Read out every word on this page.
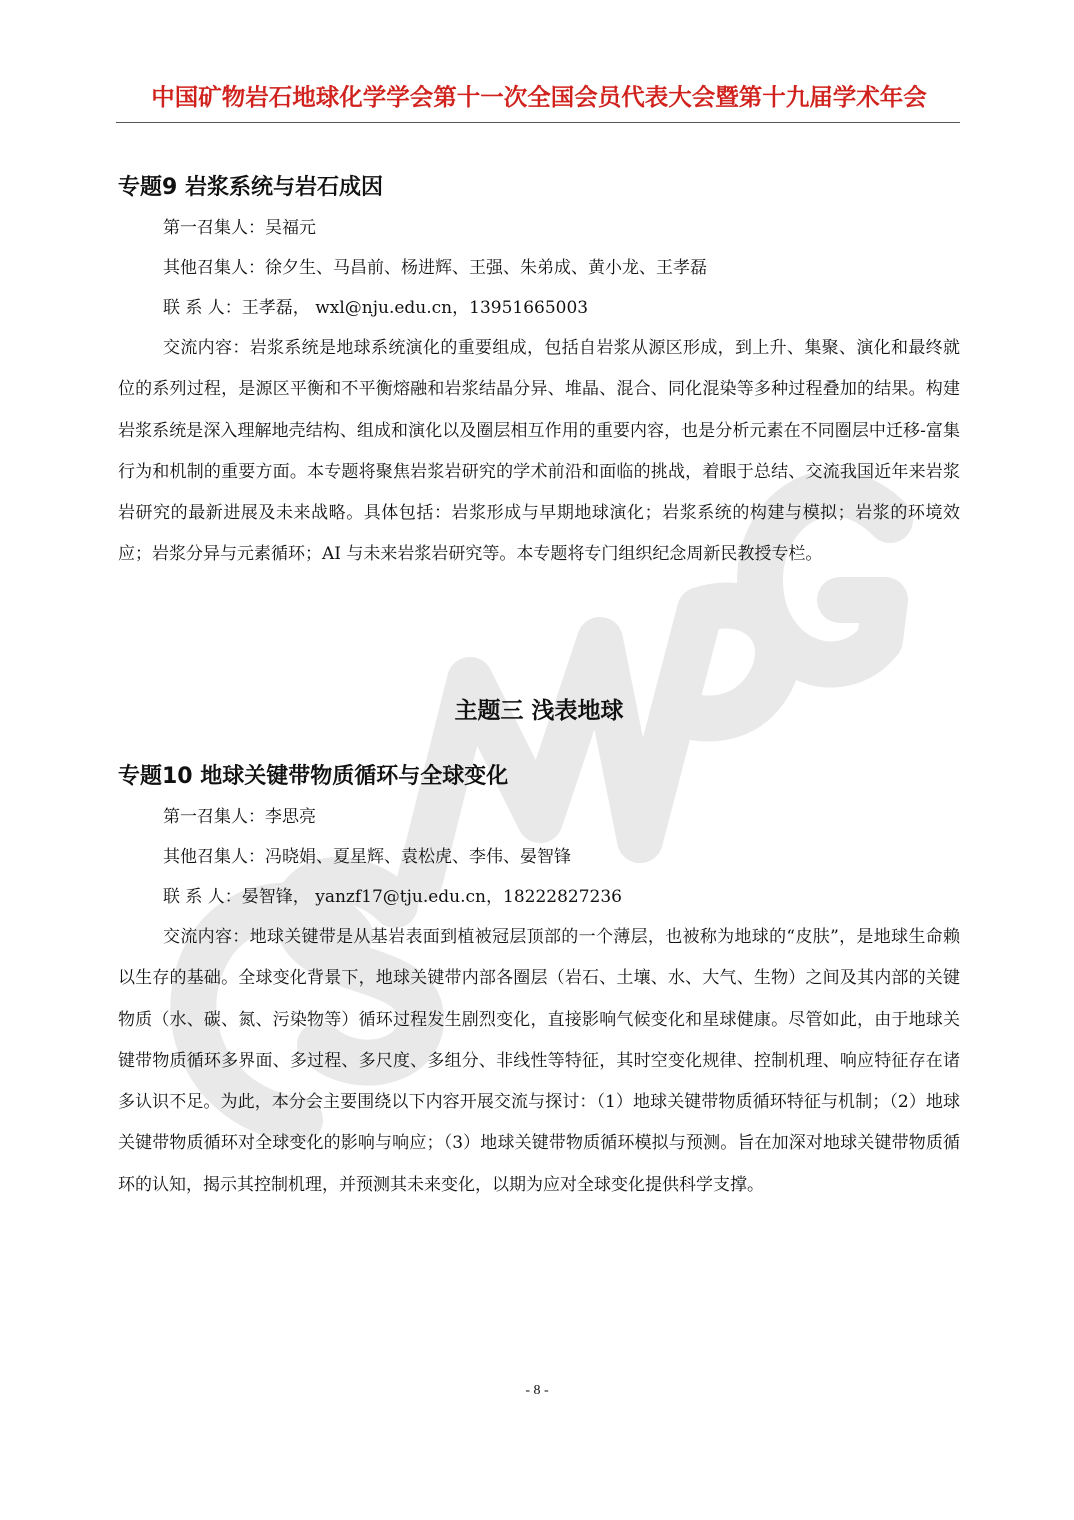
中国矿物岩石地球化学学会第十一次全国会员代表大会暨第十九届学术年会
专题9 岩浆系统与岩石成因
第一召集人：吴福元
其他召集人：徐夕生、马昌前、杨进辉、王强、朱弟成、黄小龙、王孝磊
联 系 人：王孝磊， wxl@nju.edu.cn，13951665003

交流内容：岩浆系统是地球系统演化的重要组成，包括自岩浆从源区形成，到上升、集聚、演化和最终就位的系列过程，是源区平衡和不平衡熔融和岩浆结晶分异、堆晶、混合、同化混染等多种过程叠加的结果。构建岩浆系统是深入理解地壳结构、组成和演化以及圈层相互作用的重要内容，也是分析元素在不同圈层中迁移-富集行为和机制的重要方面。本专题将聚焦岩浆岩研究的学术前沿和面临的挑战，着眼于总结、交流我国近年来岩浆岩研究的最新进展及未来战略。具体包括：岩浆形成与早期地球演化；岩浆系统的构建与模拟；岩浆的环境效应；岩浆分异与元素循环；AI 与未来岩浆岩研究等。本专题将专门组织纪念周新民教授专栏。

主题三 浅表地球
专题10 地球关键带物质循环与全球变化
第一召集人：李思亮
其他召集人：冯晓娟、夏星辉、袁松虎、李伟、晏智锋
联 系 人：晏智锋， yanzf17@tju.edu.cn，18222827236

交流内容：地球关键带是从基岩表面到植被冠层顶部的一个薄层，也被称为地球的“皮肤”，是地球生命赖以生存的基础。全球变化背景下，地球关键带内部各圈层（岩石、土壤、水、大气、生物）之间及其内部的关键物质（水、碳、氮、污染物等）循环过程发生剧烈变化，直接影响气候变化和星球健康。尽管如此，由于地球关键带物质循环多界面、多过程、多尺度、多组分、非线性等特征，其时空变化规律、控制机理、响应特征存在诸多认识不足。为此，本分会主要围绕以下内容开展交流与探讨：（1）地球关键带物质循环特征与机制；（2）地球关键带物质循环对全球变化的影响与响应；（3）地球关键带物质循环模拟与预测。旨在加深对地球关键带物质循环的认知，揭示其控制机理，并预测其未来变化，以期为应对全球变化提供科学支撑。

- 8 -
